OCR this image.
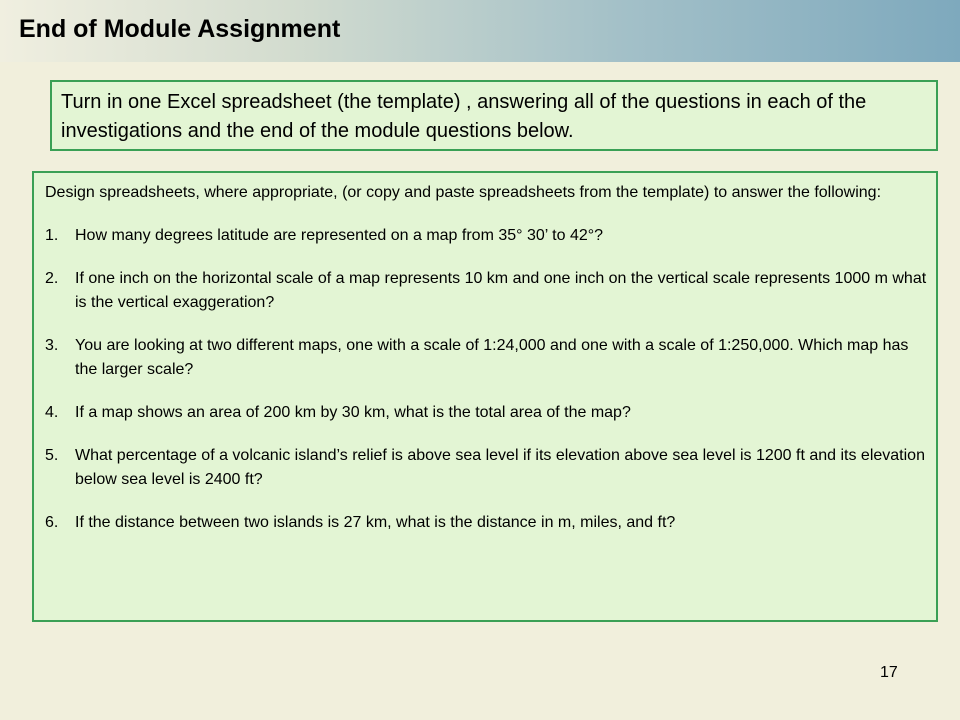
End of Module Assignment
Turn in one Excel spreadsheet (the template) , answering all of the questions in each of the investigations and the end of the module questions below.

Design spreadsheets, where appropriate, (or copy and paste spreadsheets from the template) to answer the following:

1.	How many degrees latitude are represented on a map from 35° 30’ to 42°?
2.	If one inch on the horizontal scale of a map represents 10 km and one inch on the vertical scale represents 1000 m what is the vertical exaggeration?
3.	You are looking at two different maps, one with a scale of 1:24,000 and one with a scale of 1:250,000. Which map has the larger scale?
4.	If a map shows an area of 200 km by 30 km, what is the total area of the map?
5.	What percentage of a volcanic island’s relief is above sea level if its elevation above sea level is 1200 ft and its elevation below sea level is 2400 ft?
6.	If the distance between two islands is 27 km, what is the distance in m, miles, and ft?
17
